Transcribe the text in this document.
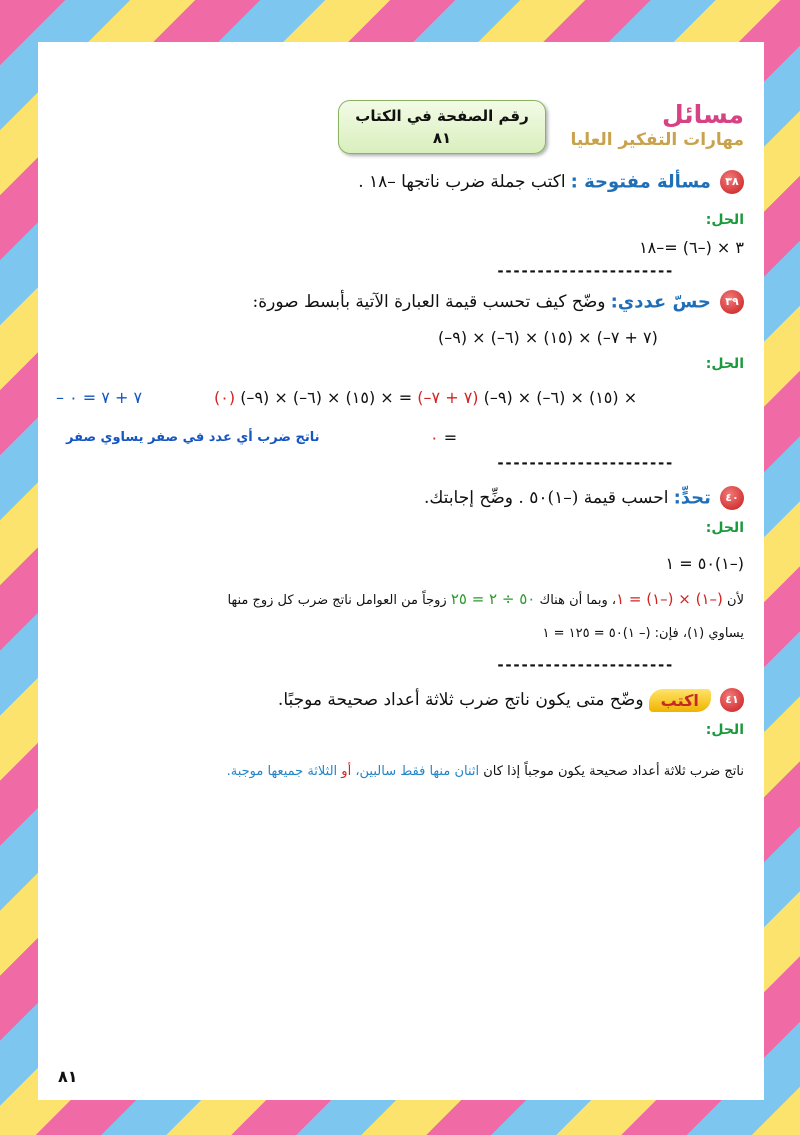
مسائل
مهارات التفكير العليا
رقم الصفحة في الكتاب
٨١
٣٨ مسألة مفتوحة : اكتب جملة ضرب ناتجها –١٨ .
الحل:
٣ × (–٦) =–١٨
----------------------
٣٩ حسّ عددي: وضّح كيف تحسب قيمة العبارة الآتية بأبسط صورة:
(–٩) × (–٦) × (١٥) × (–٧ + ٧)
الحل:
– ٧ + ٧ = ٠	(٠) (–٩) × (–٦) × (١٥) × = (–٧ + ٧) (–٩) × (–٦) × (١٥) ×
ناتج ضرب أي عدد في صفر يساوي صفر	٠ =
----------------------
٤٠ تحدٍّ: احسب قيمة (–١)٥٠ . وضِّح إجابتك.
الحل:
(–١)٥٠ = ١
لأن (–١) × (–١) = ١، وبما أن هناك ٥٠ ÷ ٢ = ٢٥ زوجاً من العوامل ناتج ضرب كل زوج منها
يساوي (١)، فإن: (– ١)٥٠ = ١٢٥ = ١
----------------------
٤١ اكتب وضّح متى يكون ناتج ضرب ثلاثة أعداد صحيحة موجبًا.
الحل:
ناتج ضرب ثلاثة أعداد صحيحة يكون موجباً إذا كان اثنان منها فقط سالبين، أو الثلاثة جميعها موجبة.
٨١
